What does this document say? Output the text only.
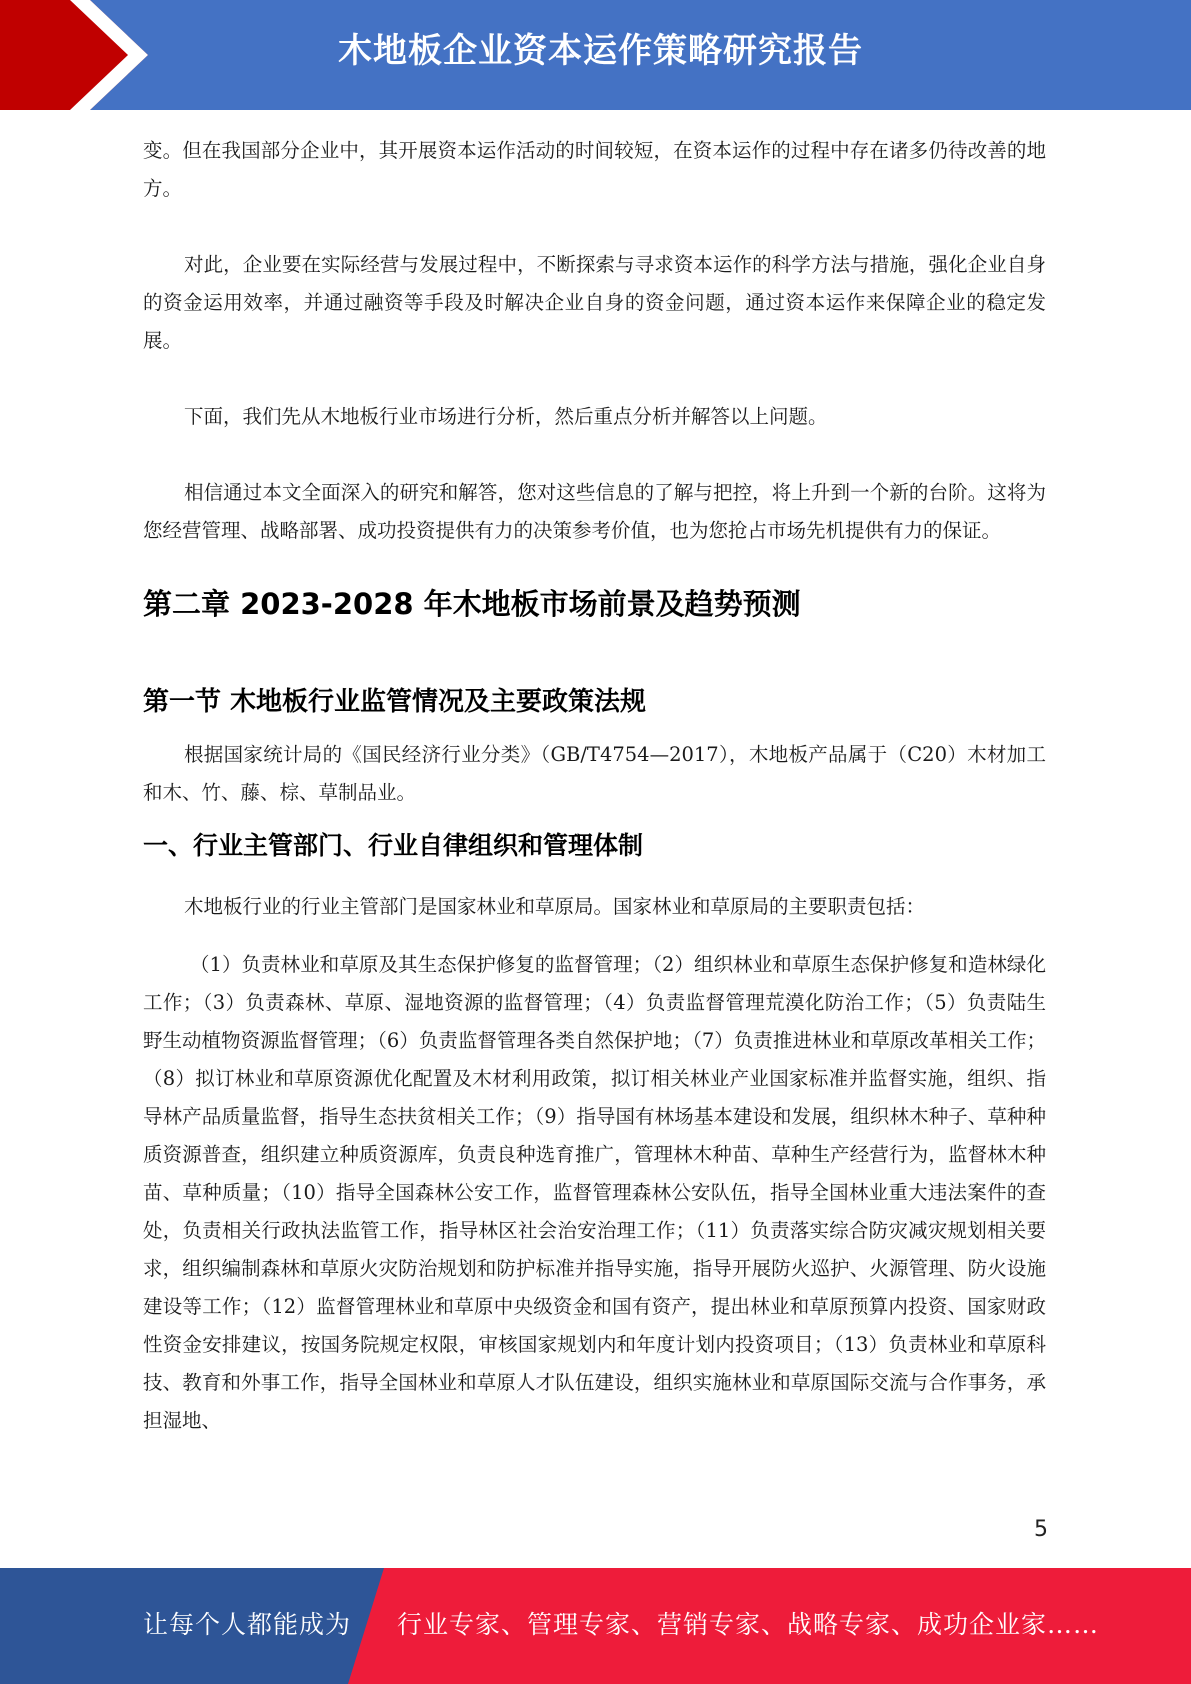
木地板企业资本运作策略研究报告

变。但在我国部分企业中，其开展资本运作活动的时间较短，在资本运作的过程中存在诸多仍待改善的地方。

对此，企业要在实际经营与发展过程中，不断探索与寻求资本运作的科学方法与措施，强化企业自身的资金运用效率，并通过融资等手段及时解决企业自身的资金问题，通过资本运作来保障企业的稳定发展。

下面，我们先从木地板行业市场进行分析，然后重点分析并解答以上问题。

相信通过本文全面深入的研究和解答，您对这些信息的了解与把控，将上升到一个新的台阶。这将为您经营管理、战略部署、成功投资提供有力的决策参考价值，也为您抢占市场先机提供有力的保证。

第二章 2023-2028 年木地板市场前景及趋势预测
第一节 木地板行业监管情况及主要政策法规

根据国家统计局的《国民经济行业分类》（GB/T4754—2017），木地板产品属于（C20）木材加工和木、竹、藤、棕、草制品业。

一、行业主管部门、行业自律组织和管理体制

木地板行业的行业主管部门是国家林业和草原局。国家林业和草原局的主要职责包括：

（1）负责林业和草原及其生态保护修复的监督管理；（2）组织林业和草原生态保护修复和造林绿化工作；（3）负责森林、草原、湿地资源的监督管理；（4）负责监督管理荒漠化防治工作；（5）负责陆生野生动植物资源监督管理；（6）负责监督管理各类自然保护地；（7）负责推进林业和草原改革相关工作；（8）拟订林业和草原资源优化配置及木材利用政策，拟订相关林业产业国家标准并监督实施，组织、指导林产品质量监督，指导生态扶贫相关工作；（9）指导国有林场基本建设和发展，组织林木种子、草种种质资源普查，组织建立种质资源库，负责良种选育推广，管理林木种苗、草种生产经营行为，监督林木种苗、草种质量；（10）指导全国森林公安工作，监督管理森林公安队伍，指导全国林业重大违法案件的查处，负责相关行政执法监管工作，指导林区社会治安治理工作；（11）负责落实综合防灾减灾规划相关要求，组织编制森林和草原火灾防治规划和防护标准并指导实施，指导开展防火巡护、火源管理、防火设施建设等工作；（12）监督管理林业和草原中央级资金和国有资产，提出林业和草原预算内投资、国家财政性资金安排建议，按国务院规定权限，审核国家规划内和年度计划内投资项目；（13）负责林业和草原科技、教育和外事工作，指导全国林业和草原人才队伍建设，组织实施林业和草原国际交流与合作事务，承担湿地、

5
让每个人都能成为 行业专家、管理专家、营销专家、战略专家、成功企业家……
